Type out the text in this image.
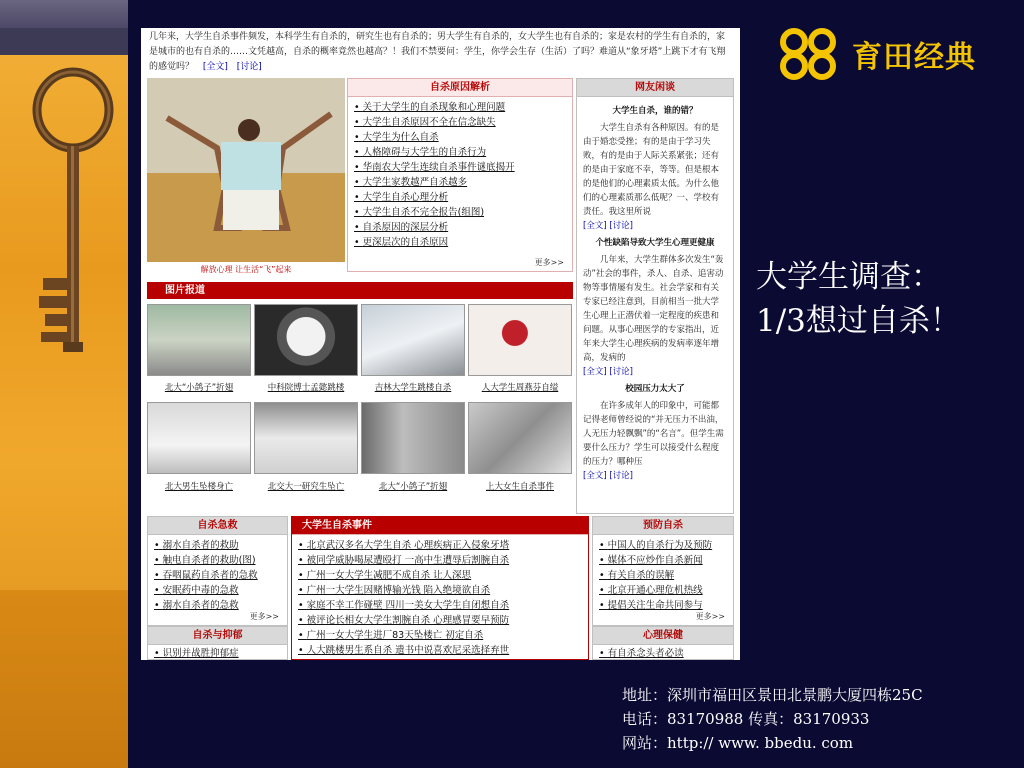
育田经典
大学生调查：
1/3想过自杀！
地址：深圳市福田区景田北景鹏大厦四栋25C
电话：83170988 传真：83170933
网站：http:// www. bbedu. com
几年来，大学生自杀事件频发，本科学生有自杀的，研究生也有自杀的；男大学生有自杀的，女大学生也有自杀的；家是农村的学生有自杀的，家是城市的也有自杀的……文凭越高，自杀的概率竟然也越高？！我们不禁要问：学生，你学会生存（生活）了吗？难道从“象牙塔”上跳下才有飞翔的感觉吗？ [全文] [讨论]
解放心理 让生活“飞”起来
自杀原因解析
• 关于大学生的自杀现象和心理问题
• 大学生自杀原因不全在信念缺失
• 大学生为什么自杀
• 人格障碍与大学生的自杀行为
• 华南农大学生连续自杀事件谜底揭开
• 大学生家教越严自杀越多
• 大学生自杀心理分析
• 大学生自杀不完全报告(组图)
• 自杀原因的深层分析
• 更深层次的自杀原因
更多>>
网友闲谈
大学生自杀，谁的错？
大学生自杀有各种原因。有的是由于婚恋受挫；有的是由于学习失败，有的是由于人际关系紧张；还有的是由于家庭不幸，等等。但是根本的是他们的心理素质太低。为什么他们的心理素质那么低呢？一、学校有责任。我这里所说
[全文] [讨论]
个性缺陷导致大学生心理更健康
几年来，大学生群体多次发生“轰动”社会的事件，杀人、自杀、追害动物等事情屡有发生。社会学家和有关专家已经注意到，目前相当一批大学生心理上正潜伏着一定程度的疾患和问题。从事心理医学的专家指出，近年来大学生心理疾病的发病率逐年增高，发病的
[全文] [讨论]
校园压力太大了
在许多成年人的印象中，可能都记得老师曾经说的“并无压力不出油，人无压力轻飘飘”的“名言”。但学生需要什么压力？学生可以接受什么程度的压力？哪种压
[全文] [讨论]
图片报道
北大“小鸽子”折翅	中科院博士孟懿跳楼	吉林大学生跳楼自杀	人大学生周燕芬自缢
北大男生坠楼身亡	北交大一研究生坠亡	北大“小鸽子”折翅	上大女生自杀事件
自杀急救
• 溺水自杀者的救助
• 触电自杀者的救助(图)
• 吞咽鼠药自杀者的急救
• 安眠药中毒的急救
• 溺水自杀者的急救
更多>>
自杀与抑郁
• 识别并战胜抑郁症
大学生自杀事件
• 北京武汉多名大学生自杀 心理疾病正入侵象牙塔
• 被同学威胁喝尿遭殴打 一高中生遭辱后割腕自杀
• 广州一女大学生减肥不成自杀 让人深思
• 广州一大学生因赌博输光钱 陷入绝境欲自杀
• 家庭不幸工作碰壁 四川一美女大学生自闭想自杀
• 被评论长相女大学生割腕自杀 心理感冒要早预防
• 广州一女大学生进厂83天坠楼亡 初定自杀
• 人大跳楼男生系自杀 遗书中说喜欢尼采选择弃世
预防自杀
• 中国人的自杀行为及预防
• 媒体不应炒作自杀新闻
• 有关自杀的误解
• 北京开通心理危机热线
• 提倡关注生命共同参与
更多>>
心理保健
• 有自杀念头者必读
